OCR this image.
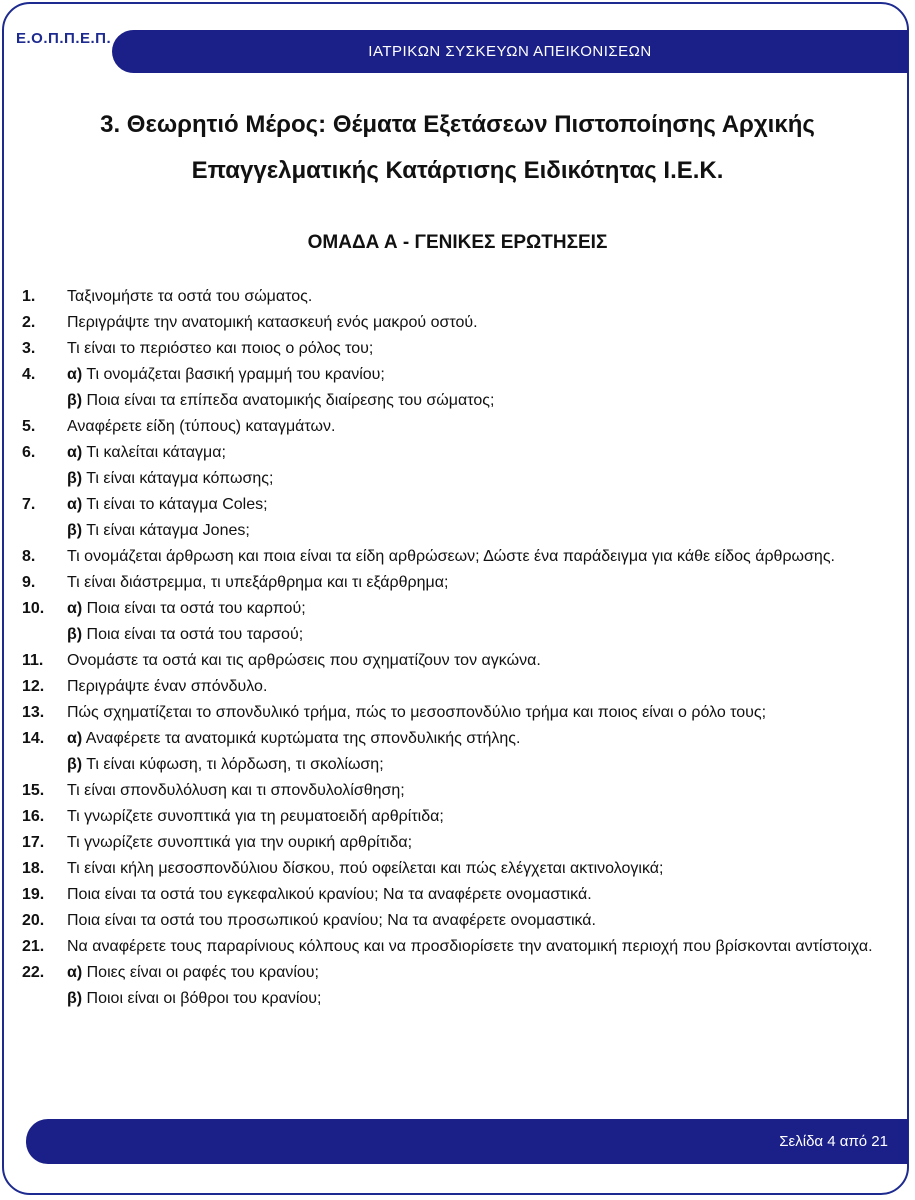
Ε.Ο.Π.Π.Ε.Π.
ΙΑΤΡΙΚΩΝ ΣΥΣΚΕΥΩΝ ΑΠΕΙΚΟΝΙΣΕΩΝ
3. Θεωρητιό Μέρος: Θέματα Εξετάσεων Πιστοποίησης Αρχικής
Επαγγελματικής Κατάρτισης Ειδικότητας Ι.Ε.Κ.
ΟΜΑΔΑ Α - ΓΕΝΙΚΕΣ ΕΡΩΤΗΣΕΙΣ
1.	Ταξινομήστε τα οστά του σώματος.
2.	Περιγράψτε την ανατομική κατασκευή ενός μακρού οστού.
3.	Τι είναι το περιόστεο και ποιος ο ρόλος του;
4.	α) Τι ονομάζεται βασική γραμμή του κρανίου;
β) Ποια είναι τα επίπεδα ανατομικής διαίρεσης του σώματος;
5.	Αναφέρετε είδη (τύπους) καταγμάτων.
6.	α) Τι καλείται κάταγμα;
β) Τι είναι κάταγμα κόπωσης;
7.	α) Τι είναι το κάταγμα Coles;
β) Τι είναι κάταγμα Jones;
8.	Τι ονομάζεται άρθρωση και ποια είναι τα είδη αρθρώσεων; Δώστε ένα παράδειγμα για κάθε είδος άρθρωσης.
9.	Τι είναι διάστρεμμα, τι υπεξάρθρημα και τι εξάρθρημα;
10.	α) Ποια είναι τα οστά του καρπού;
β) Ποια είναι τα οστά του ταρσού;
11.	Ονομάστε τα οστά και τις αρθρώσεις που σχηματίζουν τον αγκώνα.
12.	Περιγράψτε έναν σπόνδυλο.
13.	Πώς σχηματίζεται το σπονδυλικό τρήμα, πώς το μεσοσπονδύλιο τρήμα και ποιος είναι ο ρόλο τους;
14.	α) Αναφέρετε τα ανατομικά κυρτώματα της σπονδυλικής στήλης.
β) Τι είναι κύφωση, τι λόρδωση, τι σκολίωση;
15.	Τι είναι σπονδυλόλυση και τι σπονδυλολίσθηση;
16.	Τι γνωρίζετε συνοπτικά για τη ρευματοειδή αρθρίτιδα;
17.	Τι γνωρίζετε συνοπτικά για την ουρική αρθρίτιδα;
18.	Τι είναι κήλη μεσοσπονδύλιου δίσκου, πού οφείλεται και πώς ελέγχεται ακτινολογικά;
19.	Ποια είναι τα οστά του εγκεφαλικού κρανίου; Να τα αναφέρετε ονομαστικά.
20.	Ποια είναι τα οστά του προσωπικού κρανίου; Να τα αναφέρετε ονομαστικά.
21.	Να αναφέρετε τους παραρίνιους κόλπους και να προσδιορίσετε την ανατομική περιοχή που βρίσκονται αντίστοιχα.
22.	α) Ποιες είναι οι ραφές του κρανίου;
β) Ποιοι είναι οι βόθροι του κρανίου;
Σελίδα 4 από 21
